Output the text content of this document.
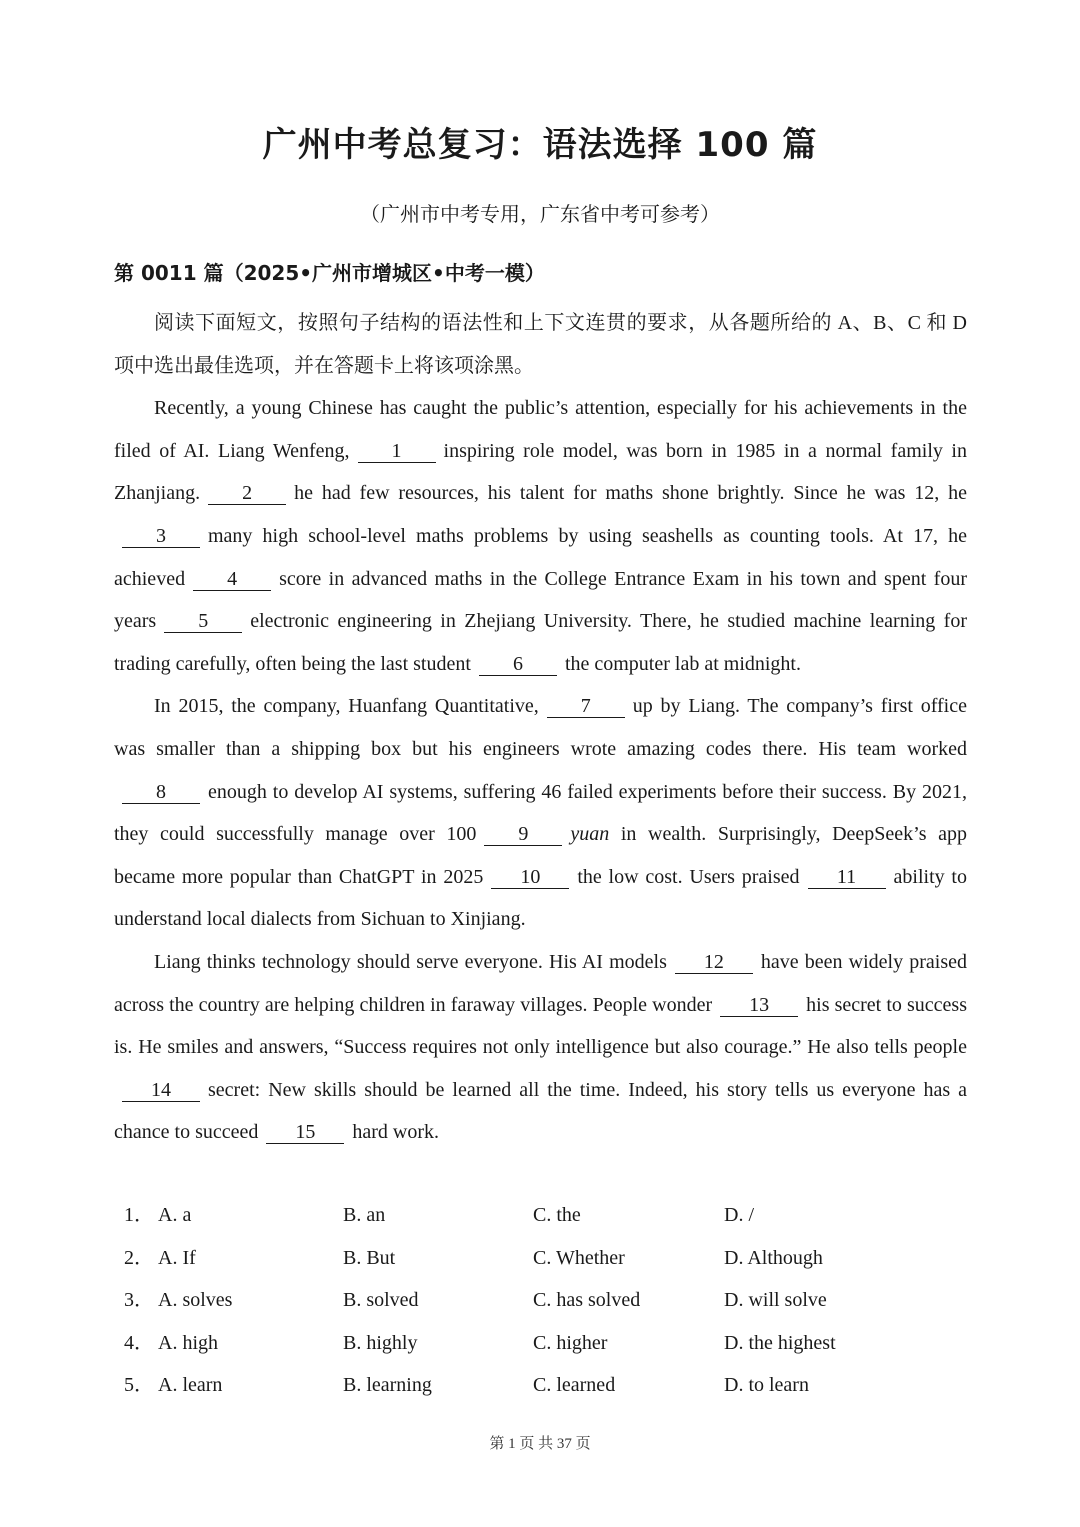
广州中考总复习：语法选择 100 篇
（广州市中考专用，广东省中考可参考）
第 0011 篇（2025•广州市增城区•中考一模）

阅读下面短文，按照句子结构的语法性和上下文连贯的要求，从各题所给的 A、B、C 和 D 项中选出最佳选项，并在答题卡上将该项涂黑。

Recently, a young Chinese has caught the public’s attention, especially for his achievements in the filed of AI. Liang Wenfeng, 1 inspiring role model, was born in 1985 in a normal family in Zhanjiang. 2 he had few resources, his talent for maths shone brightly. Since he was 12, he3 many high school-level maths problems by using seashells as counting tools. At 17, he achieved 4 score in advanced maths in the College Entrance Exam in his town and spent four years 5 electronic engineering in Zhejiang University. There, he studied machine learning for trading carefully, often being the last student 6 the computer lab at midnight.

In 2015, the company, Huanfang Quantitative, 7 up by Liang. The company’s first office was smaller than a shipping box but his engineers wrote amazing codes there. His team worked8 enough to develop AI systems, suffering 46 failed experiments before their success. By 2021, they could successfully manage over 100 9 yuan in wealth. Surprisingly, DeepSeek’s app became more popular than ChatGPT in 2025 10 the low cost. Users praised 11 ability to understand local dialects from Sichuan to Xinjiang.

Liang thinks technology should serve everyone. His AI models 12 have been widely praised across the country are helping children in faraway villages. People wonder 13 his secret to success is. He smiles and answers, “Success requires not only intelligence but also courage.” He also tells people14 secret: New skills should be learned all the time. Indeed, his story tells us everyone has a chance to succeed 15 hard work.

1． A. a	B. an	C. the	D. /
2． A. If	B. But	C. Whether	D. Although
3． A. solves	B. solved	C. has solved	D. will solve
4． A. high	B. highly	C. higher	D. the highest
5． A. learn	B. learning	C. learned	D. to learn
第 1 页 共 37 页
